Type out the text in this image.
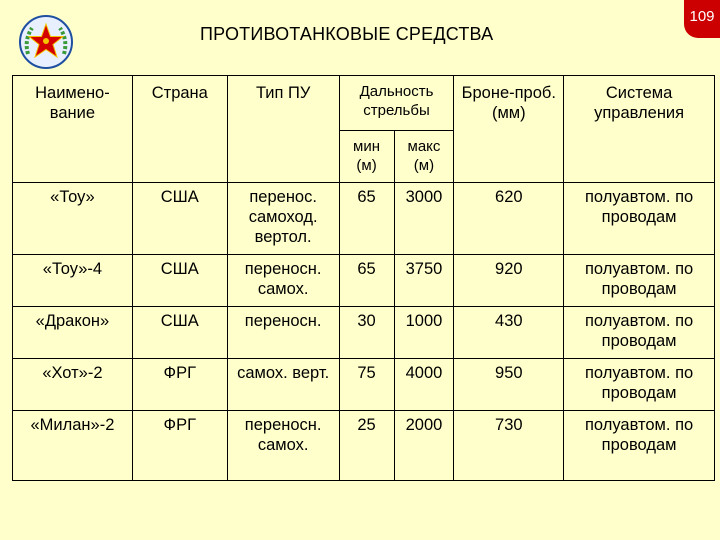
ПРОТИВОТАНКОВЫЕ СРЕДСТВА
109
Наимено-вание	Страна	Тип ПУ	Дальность стрельбы		Броне-проб. (мм)	Система управления
			мин (м)	макс (м)		
«Тоу»	США	перенос. самоход. вертол.	65	3000	620	полуавтом. по проводам
«Тоу»-4	США	переносн. самох.	65	3750	920	полуавтом. по проводам
«Дракон»	США	переносн.	30	1000	430	полуавтом. по проводам
«Хот»-2	ФРГ	самох. верт.	75	4000	950	полуавтом. по проводам
«Милан»-2	ФРГ	переносн. самох.	25	2000	730	полуавтом. по проводам
